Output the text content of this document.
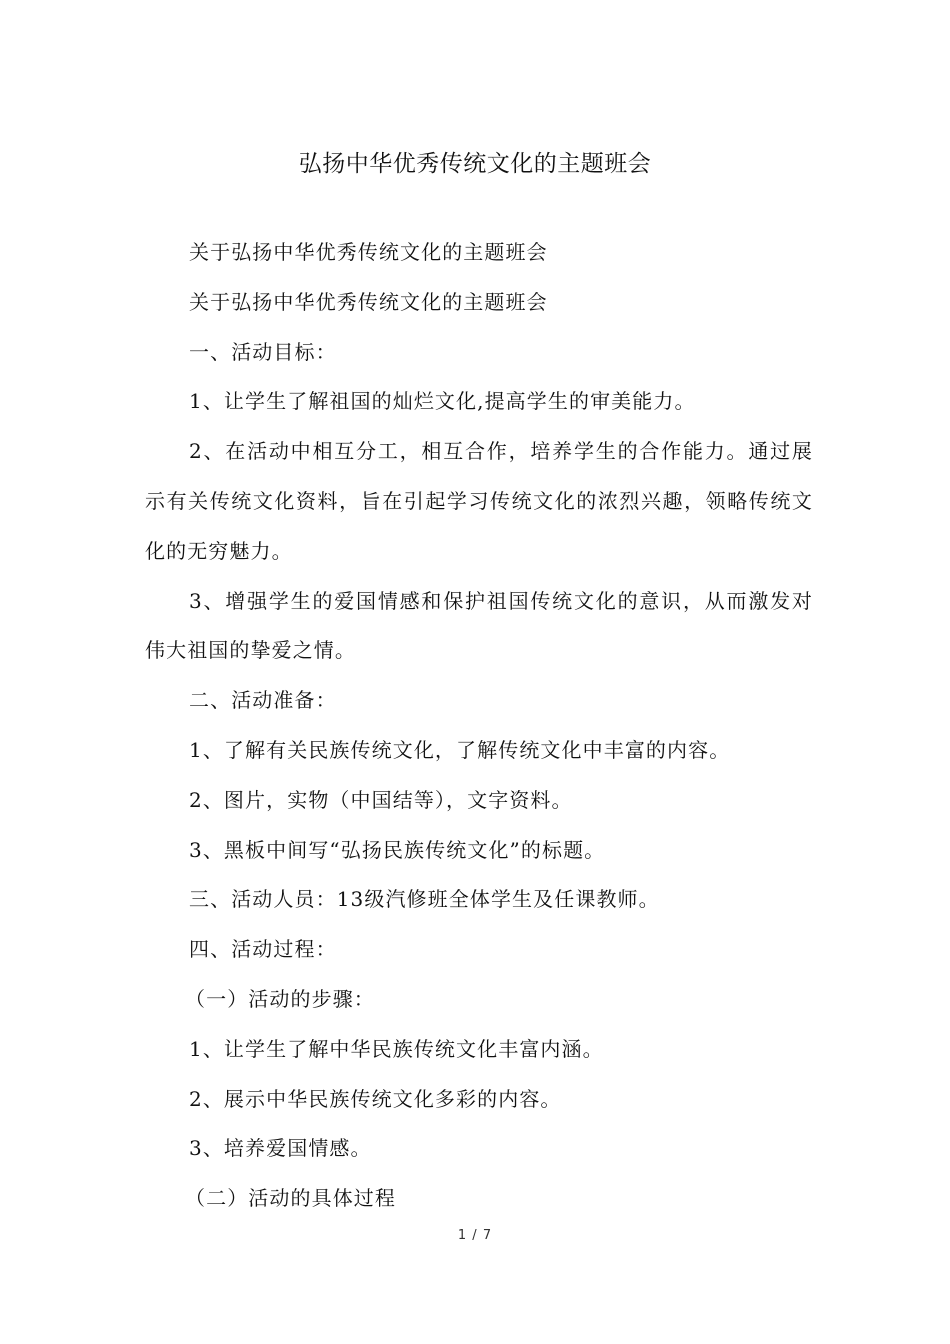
弘扬中华优秀传统文化的主题班会

关于弘扬中华优秀传统文化的主题班会

关于弘扬中华优秀传统文化的主题班会

一、活动目标：

1、让学生了解祖国的灿烂文化,提高学生的审美能力。

2、在活动中相互分工，相互合作，培养学生的合作能力。通过展示有关传统文化资料，旨在引起学习传统文化的浓烈兴趣，领略传统文化的无穷魅力。

3、增强学生的爱国情感和保护祖国传统文化的意识，从而激发对伟大祖国的挚爱之情。

二、活动准备：

1、了解有关民族传统文化，了解传统文化中丰富的内容。

2、图片，实物（中国结等），文字资料。

3、黑板中间写“弘扬民族传统文化”的标题。

三、活动人员：13级汽修班全体学生及任课教师。

四、活动过程：

（一）活动的步骤：

1、让学生了解中华民族传统文化丰富内涵。

2、展示中华民族传统文化多彩的内容。

3、培养爱国情感。

（二）活动的具体过程

1 / 7
